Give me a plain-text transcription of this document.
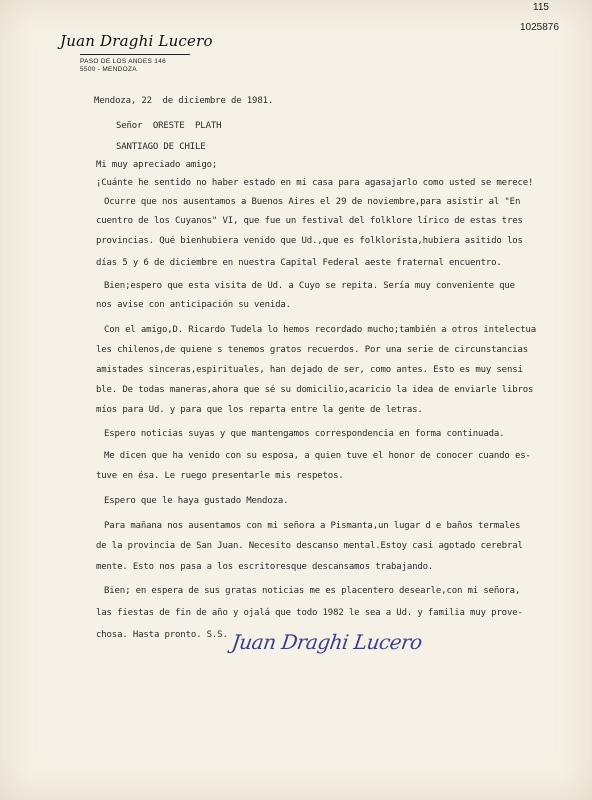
115
1025876
Juan Draghi Lucero
PASO DE LOS ANDES 146
5500 - MENDOZA
Mendoza, 22  de diciembre de 1981.
Señor  ORESTE  PLATH
SANTIAGO DE CHILE
Mi muy apreciado amigo;
¡Cuánte he sentido no haber estado en mi casa para agasajarlo como usted se merece!
Ocurre que nos ausentamos a Buenos Aires el 29 de noviembre,para asistir al "En
cuentro de los Cuyanos" VI, que fue un festival del folklore lírico de estas tres
provincias. Qué bienhubiera venido que Ud.,que es folklorista,hubiera asitido los
días 5 y 6 de diciembre en nuestra Capital Federal aeste fraternal encuentro.
Bien;espero que esta visita de Ud. a Cuyo se repita. Sería muy conveniente que
nos avise con anticipación su venida.
Con el amigo,D. Ricardo Tudela lo hemos recordado mucho;también a otros intelectua
les chilenos,de quiene s tenemos gratos recuerdos. Por una serie de circunstancias
amistades sinceras,espirituales, han dejado de ser, como antes. Esto es muy sensi
ble. De todas maneras,ahora que sé su domicilio,acaricio la idea de enviarle libros
míos para Ud. y para que los reparta entre la gente de letras.
Espero noticias suyas y que mantengamos correspondencia en forma continuada.
Me dicen que ha venido con su esposa, a quien tuve el honor de conocer cuando es-
tuve en ésa. Le ruego presentarle mis respetos.
Espero que le haya gustado Mendoza.
Para mañana nos ausentamos con mi señora a Pismanta,un lugar d e baños termales
de la provincia de San Juan. Necesito descanso mental.Estoy casi agotado cerebral
mente. Esto nos pasa a los escritoresque descansamos trabajando.
Bien; en espera de sus gratas noticias me es placentero desearle,con mi señora,
las fiestas de fin de año y ojalá que todo 1982 le sea a Ud. y familia muy prove-
chosa. Hasta pronto. S.S. Juan Draghi Lucero
